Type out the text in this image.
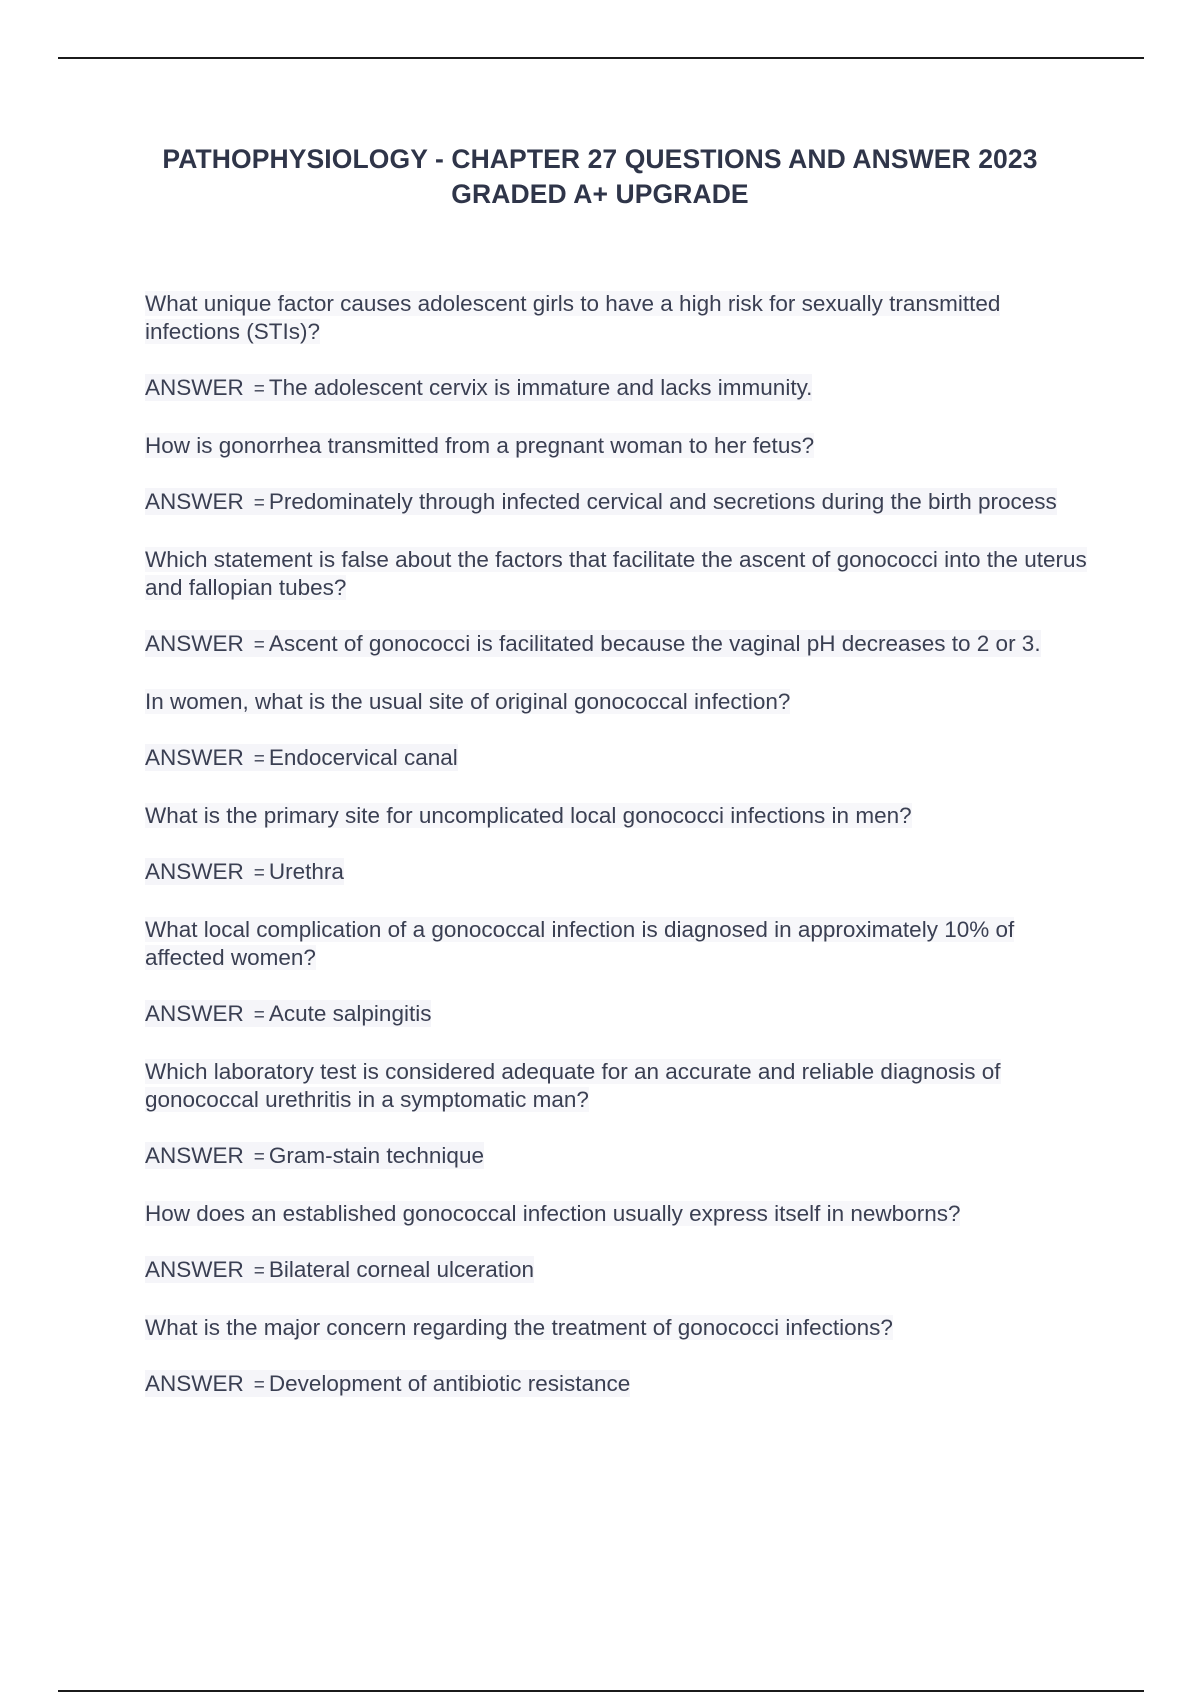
PATHOPHYSIOLOGY - CHAPTER 27 QUESTIONS AND ANSWER 2023
GRADED A+ UPGRADE
What unique factor causes adolescent girls to have a high risk for sexually transmitted infections (STIs)?
ANSWER = The adolescent cervix is immature and lacks immunity.
How is gonorrhea transmitted from a pregnant woman to her fetus?
ANSWER = Predominately through infected cervical and secretions during the birth process
Which statement is false about the factors that facilitate the ascent of gonococci into the uterus and fallopian tubes?
ANSWER = Ascent of gonococci is facilitated because the vaginal pH decreases to 2 or 3.
In women, what is the usual site of original gonococcal infection?
ANSWER = Endocervical canal
What is the primary site for uncomplicated local gonococci infections in men?
ANSWER = Urethra
What local complication of a gonococcal infection is diagnosed in approximately 10% of affected women?
ANSWER = Acute salpingitis
Which laboratory test is considered adequate for an accurate and reliable diagnosis of gonococcal urethritis in a symptomatic man?
ANSWER = Gram-stain technique
How does an established gonococcal infection usually express itself in newborns?
ANSWER = Bilateral corneal ulceration
What is the major concern regarding the treatment of gonococci infections?
ANSWER = Development of antibiotic resistance
